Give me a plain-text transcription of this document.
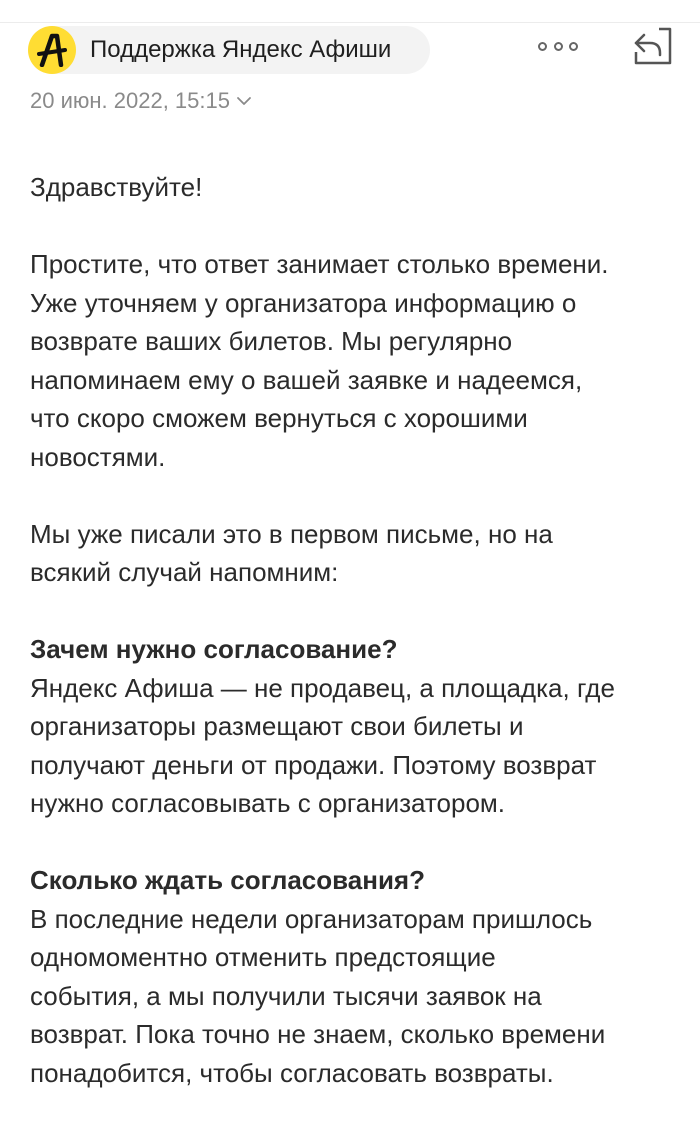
Поддержка Яндекс Афиши
20 июн. 2022, 15:15

Здравствуйте!

Простите, что ответ занимает столько времени.
Уже уточняем у организатора информацию о
возврате ваших билетов. Мы регулярно
напоминаем ему о вашей заявке и надеемся,
что скоро сможем вернуться с хорошими
новостями.

Мы уже писали это в первом письме, но на
всякий случай напомним:

Зачем нужно согласование?
Яндекс Афиша — не продавец, а площадка, где
организаторы размещают свои билеты и
получают деньги от продажи. Поэтому возврат
нужно согласовывать с организатором.

Сколько ждать согласования?
В последние недели организаторам пришлось
одномоментно отменить предстоящие
события, а мы получили тысячи заявок на
возврат. Пока точно не знаем, сколько времени
понадобится, чтобы согласовать возвраты.
